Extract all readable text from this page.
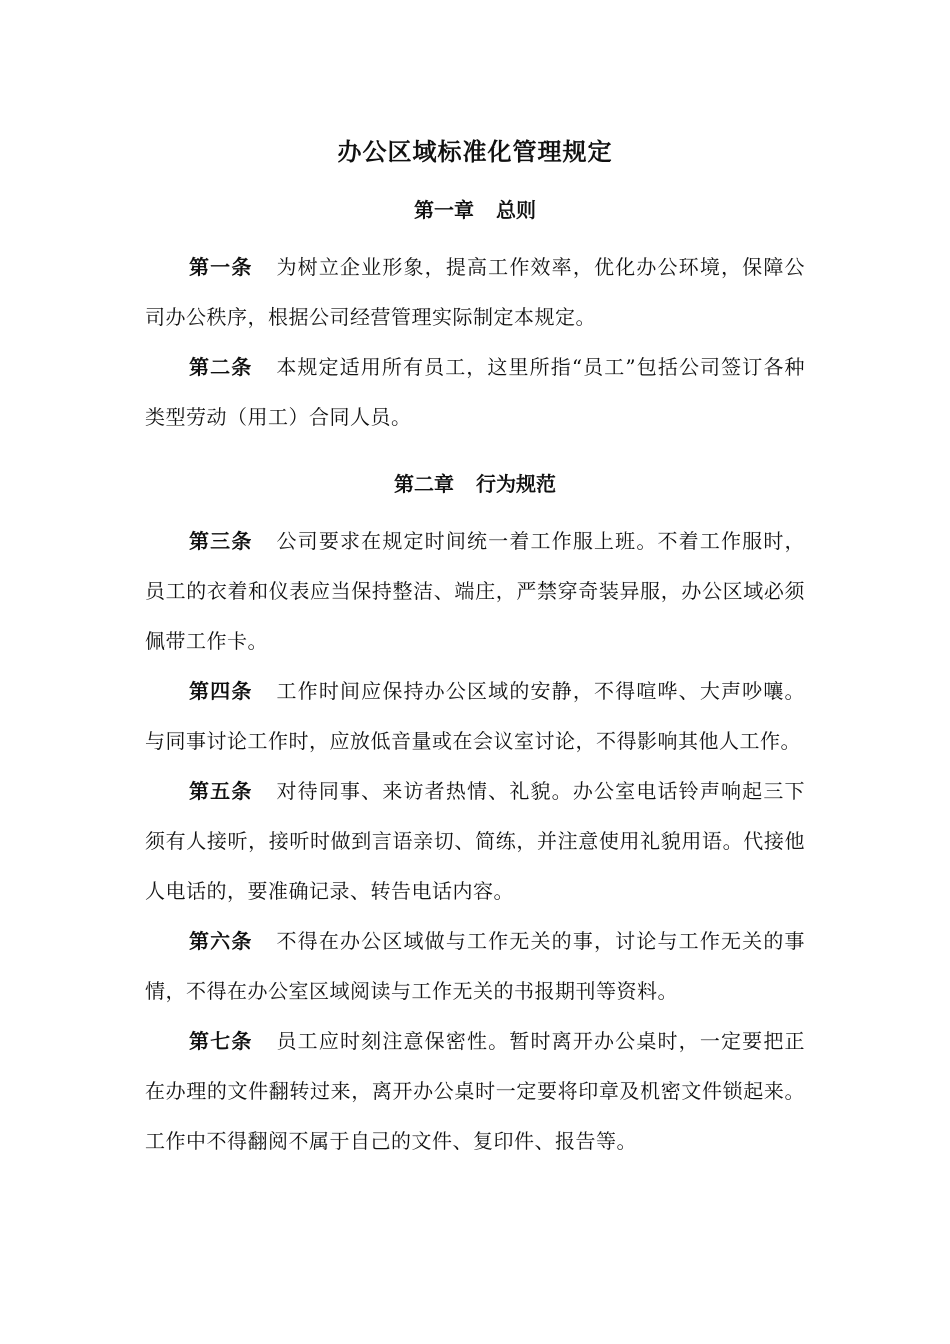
办公区域标准化管理规定
第一章 总则

第一条 为树立企业形象，提高工作效率，优化办公环境，保障公司办公秩序，根据公司经营管理实际制定本规定。

第二条 本规定适用所有员工，这里所指“员工”包括公司签订各种类型劳动（用工）合同人员。

第二章 行为规范

第三条 公司要求在规定时间统一着工作服上班。不着工作服时，员工的衣着和仪表应当保持整洁、端庄，严禁穿奇装异服，办公区域必须佩带工作卡。

第四条 工作时间应保持办公区域的安静，不得喧哗、大声吵嚷。与同事讨论工作时，应放低音量或在会议室讨论，不得影响其他人工作。

第五条 对待同事、来访者热情、礼貌。办公室电话铃声响起三下须有人接听，接听时做到言语亲切、简练，并注意使用礼貌用语。代接他人电话的，要准确记录、转告电话内容。

第六条 不得在办公区域做与工作无关的事，讨论与工作无关的事情，不得在办公室区域阅读与工作无关的书报期刊等资料。

第七条 员工应时刻注意保密性。暂时离开办公桌时，一定要把正在办理的文件翻转过来，离开办公桌时一定要将印章及机密文件锁起来。工作中不得翻阅不属于自己的文件、复印件、报告等。
